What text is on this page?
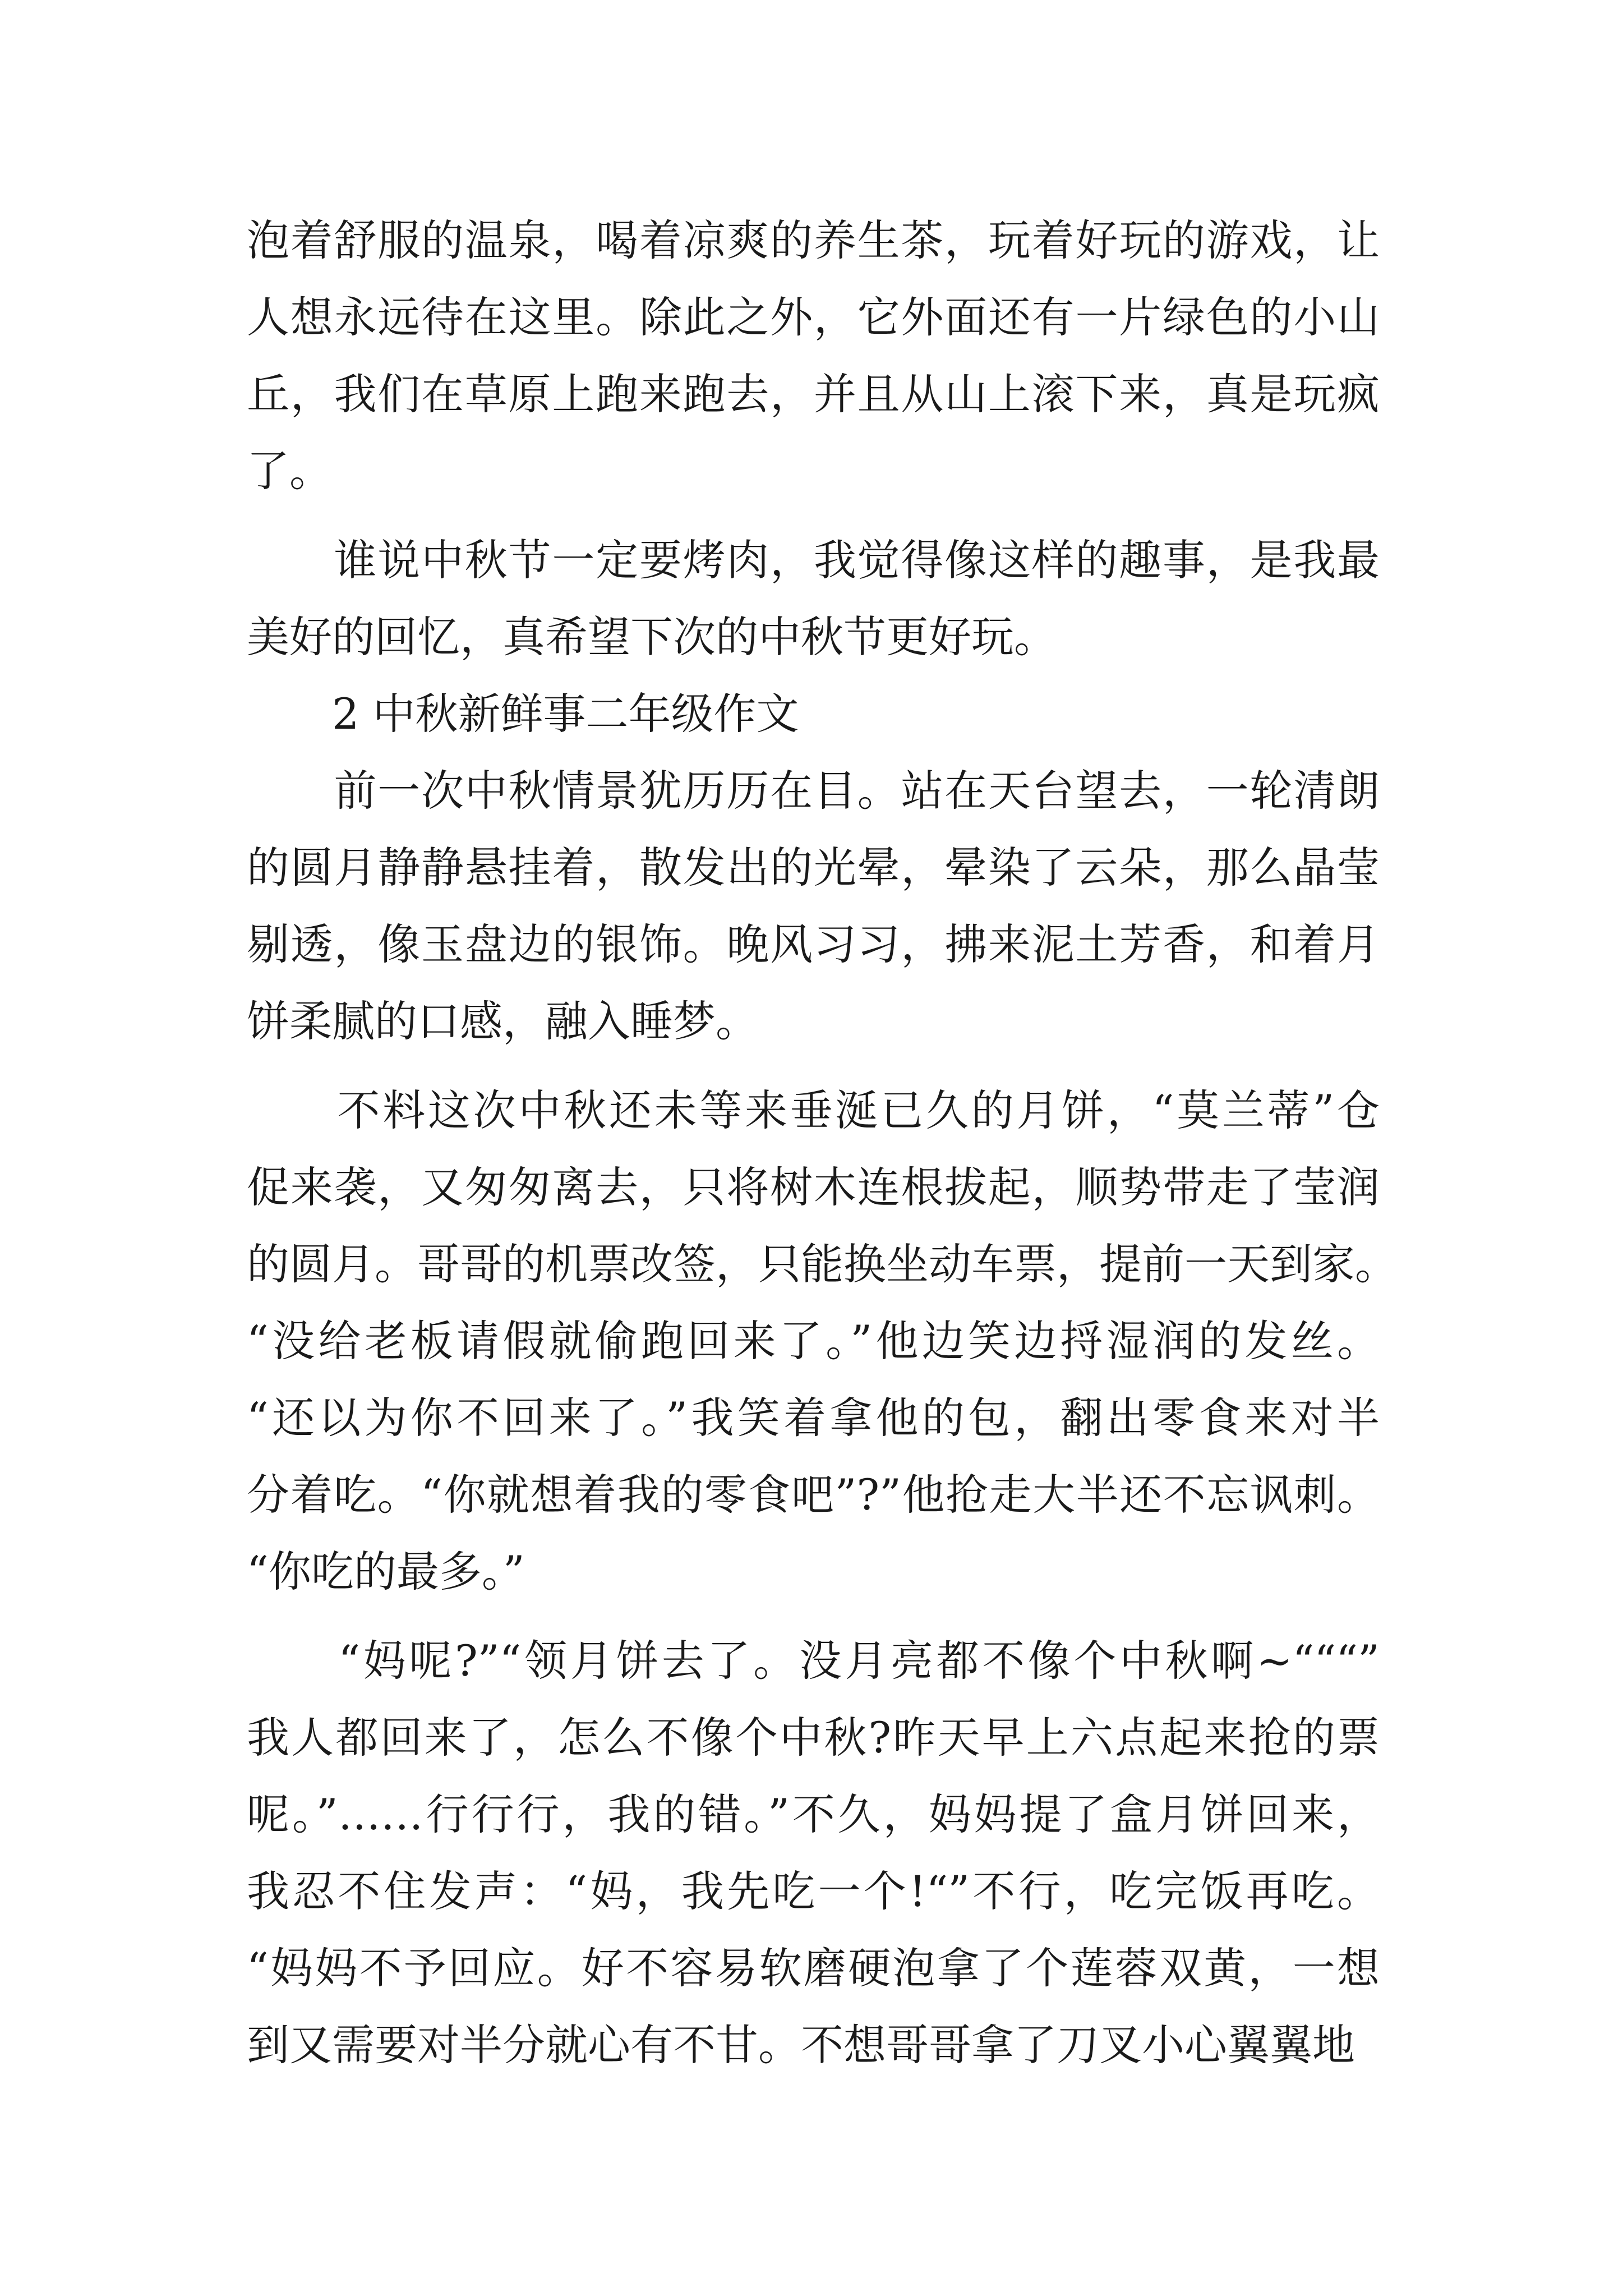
泡着舒服的温泉，喝着凉爽的养生茶，玩着好玩的游戏，让
人想永远待在这里。除此之外，它外面还有一片绿色的小山
丘，我们在草原上跑来跑去，并且从山上滚下来，真是玩疯
了。
　　谁说中秋节一定要烤肉，我觉得像这样的趣事，是我最
美好的回忆，真希望下次的中秋节更好玩。
　　2 中秋新鲜事二年级作文
　　前一次中秋情景犹历历在目。站在天台望去，一轮清朗
的圆月静静悬挂着，散发出的光晕，晕染了云朵，那么晶莹
剔透，像玉盘边的银饰。晚风习习，拂来泥土芳香，和着月
饼柔腻的口感，融入睡梦。
　　不料这次中秋还未等来垂涎已久的月饼，“莫兰蒂”仓
促来袭，又匆匆离去，只将树木连根拔起，顺势带走了莹润
的圆月。哥哥的机票改签，只能换坐动车票，提前一天到家。
“没给老板请假就偷跑回来了。”他边笑边捋湿润的发丝。
“还以为你不回来了。”我笑着拿他的包，翻出零食来对半
分着吃。“你就想着我的零食吧”?”他抢走大半还不忘讽刺。
“你吃的最多。”
　　“妈呢?”“领月饼去了。没月亮都不像个中秋啊~“““”
我人都回来了，怎么不像个中秋?昨天早上六点起来抢的票
呢。”……行行行，我的错。”不久，妈妈提了盒月饼回来，
我忍不住发声：“妈，我先吃一个!“”不行，吃完饭再吃。
“妈妈不予回应。好不容易软磨硬泡拿了个莲蓉双黄，一想
到又需要对半分就心有不甘。不想哥哥拿了刀叉小心翼翼地
